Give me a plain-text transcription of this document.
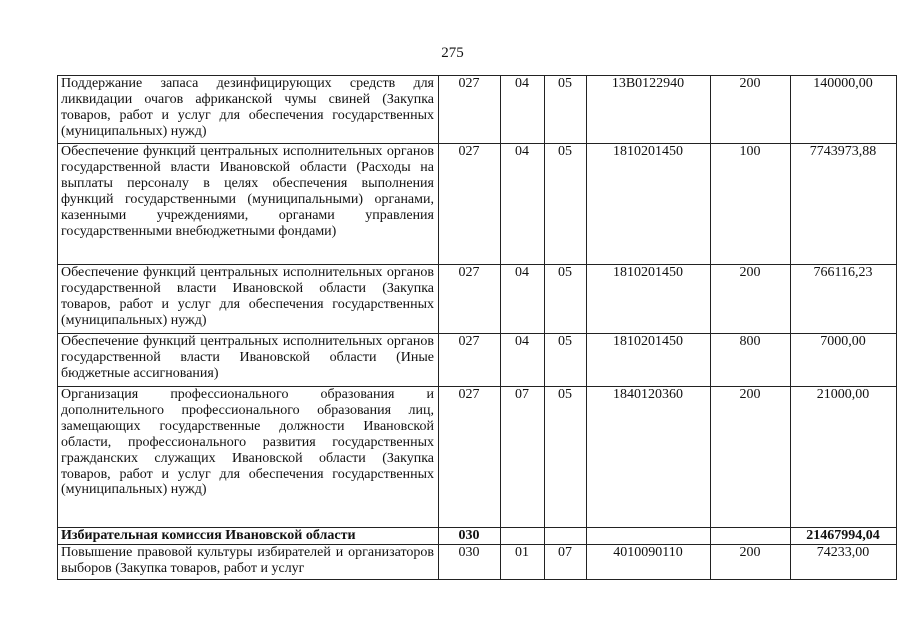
275
Поддержание запаса дезинфицирующих средств для ликвидации очагов африканской чумы свиней (Закупка товаров, работ и услуг для обеспечения государственных (муниципальных) нужд)	027	04	05	13В0122940	200	140000,00
Обеспечение функций центральных исполнительных органов государственной власти Ивановской области (Расходы на выплаты персоналу в целях обеспечения выполнения функций государственными (муниципальными) органами, казенными учреждениями, органами управления государственными внебюджетными фондами)	027	04	05	1810201450	100	7743973,88
Обеспечение функций центральных исполнительных органов государственной власти Ивановской области (Закупка товаров, работ и услуг для обеспечения государственных (муниципальных) нужд)	027	04	05	1810201450	200	766116,23
Обеспечение функций центральных исполнительных органов государственной власти Ивановской области (Иные бюджетные ассигнования)	027	04	05	1810201450	800	7000,00
Организация профессионального образования и дополнительного профессионального образования лиц, замещающих государственные должности Ивановской области, профессионального развития государственных гражданских служащих Ивановской области (Закупка товаров, работ и услуг для обеспечения государственных (муниципальных) нужд)	027	07	05	1840120360	200	21000,00
Избирательная комиссия Ивановской области	030					21467994,04
Повышение правовой культуры избирателей и организаторов выборов (Закупка товаров, работ и услуг	030	01	07	4010090110	200	74233,00
